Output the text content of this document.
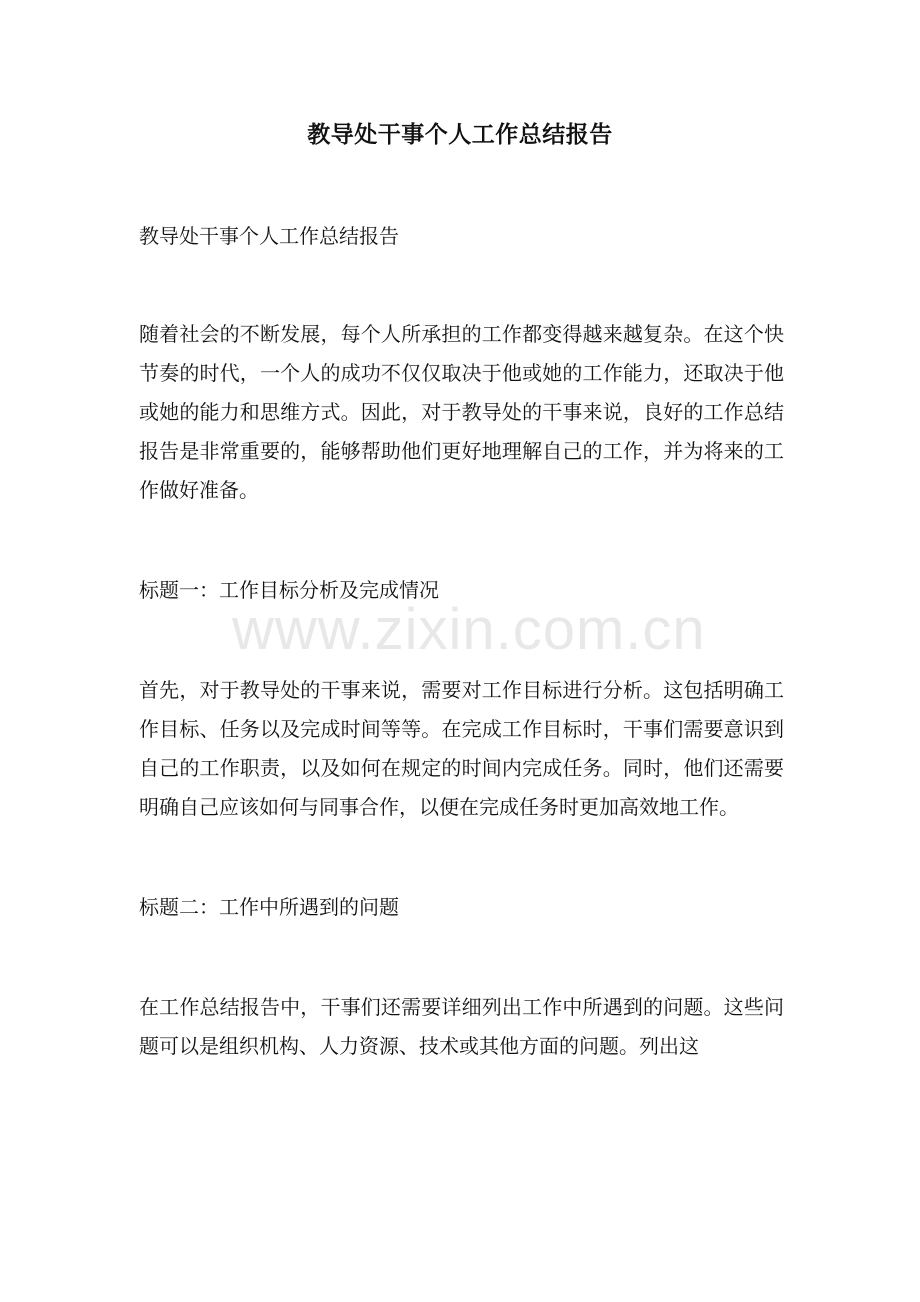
教导处干事个人工作总结报告

教导处干事个人工作总结报告

随着社会的不断发展，每个人所承担的工作都变得越来越复杂。在这个快节奏的时代，一个人的成功不仅仅取决于他或她的工作能力，还取决于他或她的能力和思维方式。因此，对于教导处的干事来说，良好的工作总结报告是非常重要的，能够帮助他们更好地理解自己的工作，并为将来的工作做好准备。

标题一：工作目标分析及完成情况

首先，对于教导处的干事来说，需要对工作目标进行分析。这包括明确工作目标、任务以及完成时间等等。在完成工作目标时，干事们需要意识到自己的工作职责，以及如何在规定的时间内完成任务。同时，他们还需要明确自己应该如何与同事合作，以便在完成任务时更加高效地工作。

标题二：工作中所遇到的问题

在工作总结报告中，干事们还需要详细列出工作中所遇到的问题。这些问题可以是组织机构、人力资源、技术或其他方面的问题。列出这

www.zixin.com.cn
